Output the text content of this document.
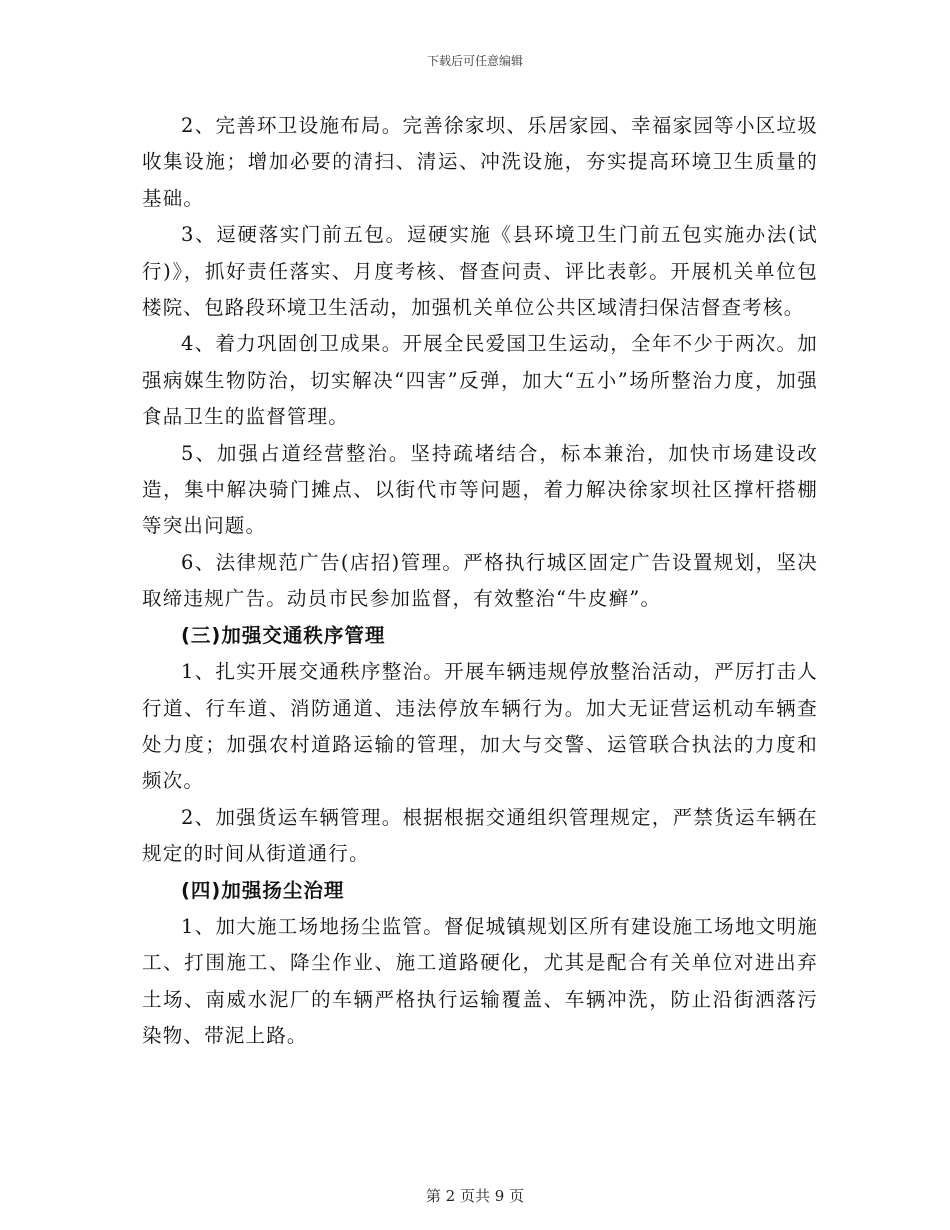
下载后可任意编辑

2、完善环卫设施布局。完善徐家坝、乐居家园、幸福家园等小区垃圾收集设施；增加必要的清扫、清运、冲洗设施，夯实提高环境卫生质量的基础。

3、逗硬落实门前五包。逗硬实施《县环境卫生门前五包实施办法(试行)》，抓好责任落实、月度考核、督查问责、评比表彰。开展机关单位包楼院、包路段环境卫生活动，加强机关单位公共区域清扫保洁督查考核。

4、着力巩固创卫成果。开展全民爱国卫生运动，全年不少于两次。加强病媒生物防治，切实解决“四害”反弹，加大“五小”场所整治力度，加强食品卫生的监督管理。

5、加强占道经营整治。坚持疏堵结合，标本兼治，加快市场建设改造，集中解决骑门摊点、以街代市等问题，着力解决徐家坝社区撑杆搭棚等突出问题。

6、法律规范广告(店招)管理。严格执行城区固定广告设置规划，坚决取缔违规广告。动员市民参加监督，有效整治“牛皮癣”。

(三)加强交通秩序管理

1、扎实开展交通秩序整治。开展车辆违规停放整治活动，严厉打击人行道、行车道、消防通道、违法停放车辆行为。加大无证营运机动车辆查处力度；加强农村道路运输的管理，加大与交警、运管联合执法的力度和频次。

2、加强货运车辆管理。根据根据交通组织管理规定，严禁货运车辆在规定的时间从街道通行。

(四)加强扬尘治理

1、加大施工场地扬尘监管。督促城镇规划区所有建设施工场地文明施工、打围施工、降尘作业、施工道路硬化，尤其是配合有关单位对进出弃土场、南威水泥厂的车辆严格执行运输覆盖、车辆冲洗，防止沿街洒落污染物、带泥上路。

第 2 页共 9 页
